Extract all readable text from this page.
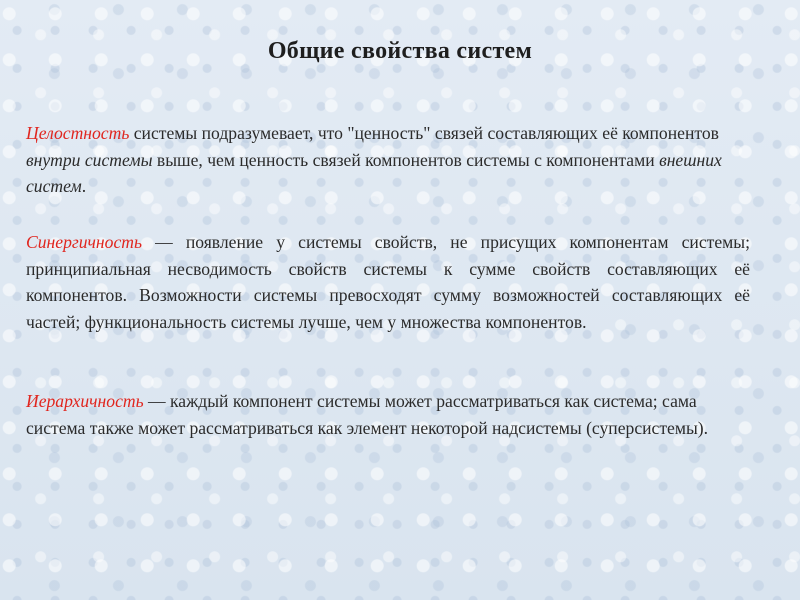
Общие свойства систем
Целостность системы подразумевает, что "ценность" связей составляющих её компонентов внутри системы выше, чем ценность связей компонентов системы с компонентами внешних систем.
Синергичность — появление у системы свойств, не присущих компонентам системы; принципиальная несводимость свойств системы к сумме свойств составляющих её компонентов. Возможности системы превосходят сумму возможностей составляющих её частей; функциональность системы лучше, чем у множества компонентов.
Иерархичность — каждый компонент системы может рассматриваться как система; сама система также может рассматриваться как элемент некоторой надсистемы (суперсистемы).
